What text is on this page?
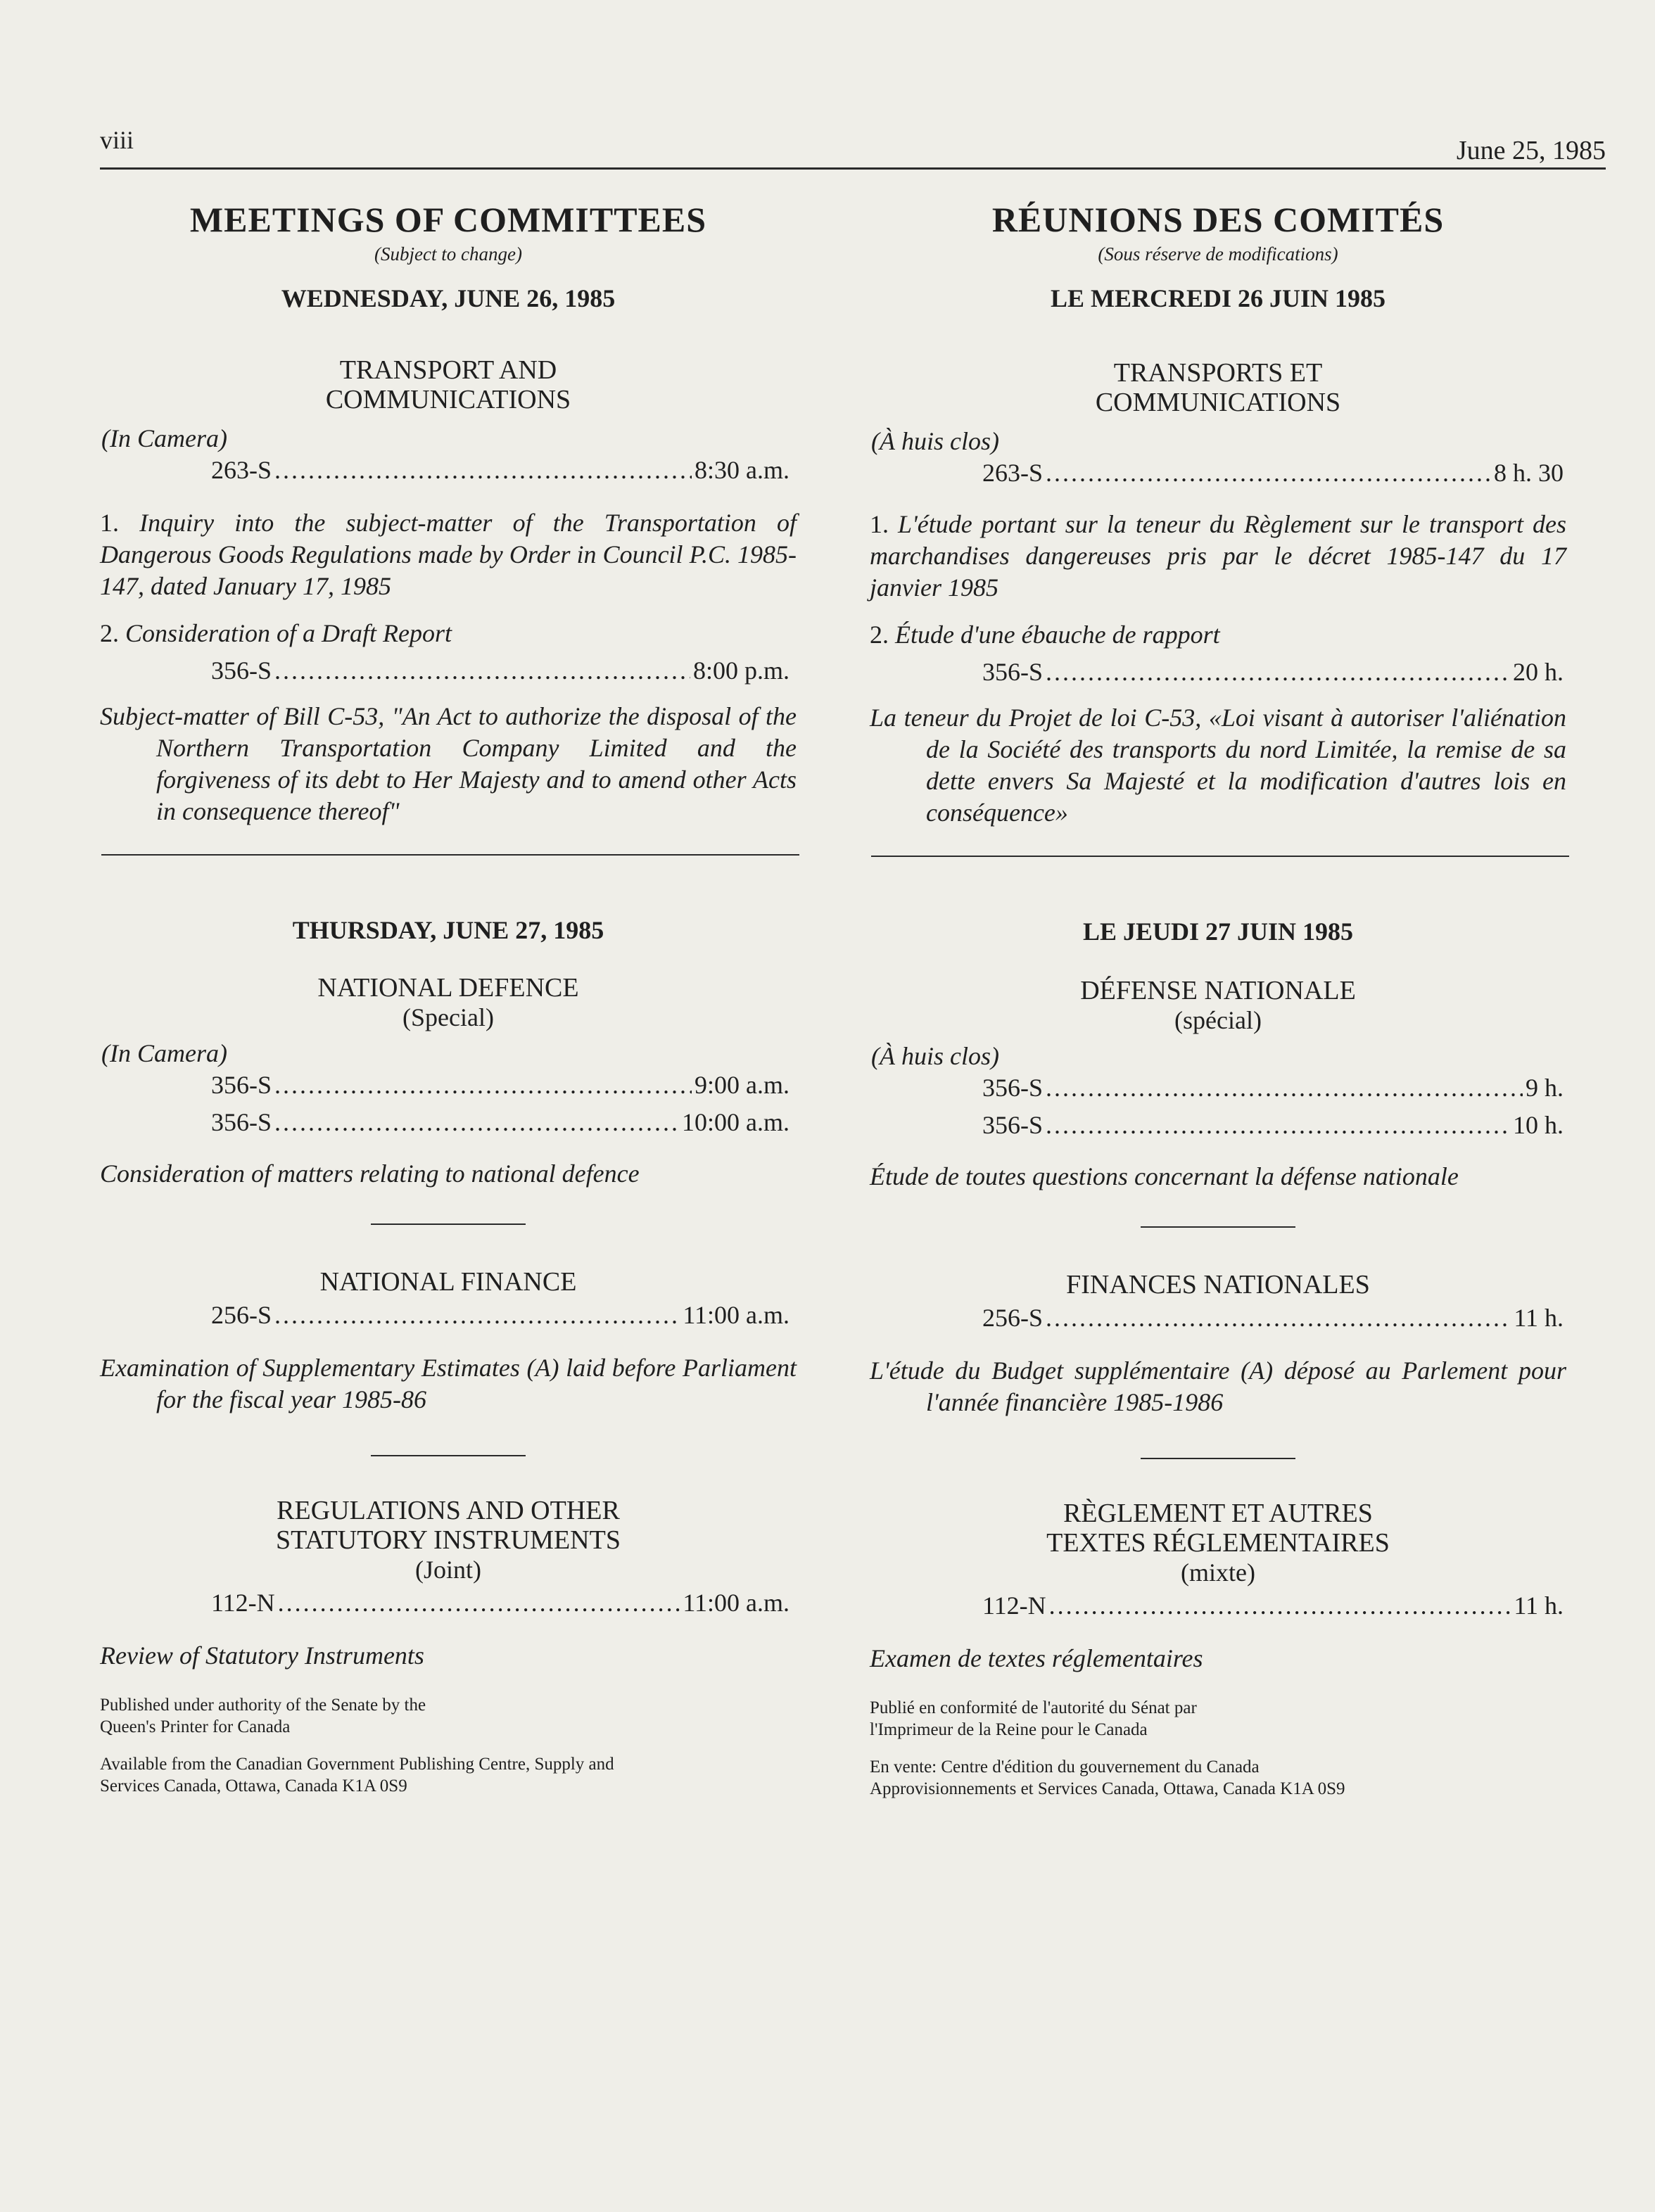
viii	June 25, 1985
MEETINGS OF COMMITTEES
(Subject to change)
WEDNESDAY, JUNE 26, 1985
TRANSPORT AND
COMMUNICATIONS
(In Camera)
263-S .....	8:30 a.m.
1. Inquiry into the subject-matter of the Transportation of Dangerous Goods Regulations made by Order in Council P.C. 1985-147, dated January 17, 1985
2. Consideration of a Draft Report
356-S .....	8:00 p.m.
Subject-matter of Bill C-53, "An Act to authorize the disposal of the Northern Transportation Company Limited and the forgiveness of its debt to Her Majesty and to amend other Acts in consequence thereof"
THURSDAY, JUNE 27, 1985
NATIONAL DEFENCE
(Special)
(In Camera)
356-S .....	9:00 a.m.
356-S .....	10:00 a.m.
Consideration of matters relating to national defence
NATIONAL FINANCE
256-S .....	11:00 a.m.
Examination of Supplementary Estimates (A) laid before Parliament for the fiscal year 1985-86
REGULATIONS AND OTHER
STATUTORY INSTRUMENTS
(Joint)
112-N .....	11:00 a.m.
Review of Statutory Instruments
Published under authority of the Senate by the
Queen's Printer for Canada
Available from the Canadian Government Publishing Centre, Supply and
Services Canada, Ottawa, Canada K1A 0S9
RÉUNIONS DES COMITÉS
(Sous réserve de modifications)
LE MERCREDI 26 JUIN 1985
TRANSPORTS ET
COMMUNICATIONS
(À huis clos)
263-S .....	8 h. 30
1. L'étude portant sur la teneur du Règlement sur le transport des marchandises dangereuses pris par le décret 1985-147 du 17 janvier 1985
2. Étude d'une ébauche de rapport
356-S .....	20 h.
La teneur du Projet de loi C-53, «Loi visant à autoriser l'aliénation de la Société des transports du nord Limitée, la remise de sa dette envers Sa Majesté et la modification d'autres lois en conséquence»
LE JEUDI 27 JUIN 1985
DÉFENSE NATIONALE
(spécial)
(À huis clos)
356-S .....	9 h.
356-S .....	10 h.
Étude de toutes questions concernant la défense nationale
FINANCES NATIONALES
256-S .....	11 h.
L'étude du Budget supplémentaire (A) déposé au Parlement pour l'année financière 1985-1986
RÈGLEMENT ET AUTRES
TEXTES RÉGLEMENTAIRES
(mixte)
112-N .....	11 h.
Examen de textes réglementaires
Publié en conformité de l'autorité du Sénat par
l'Imprimeur de la Reine pour le Canada
En vente: Centre d'édition du gouvernement du Canada
Approvisionnements et Services Canada, Ottawa, Canada K1A 0S9
